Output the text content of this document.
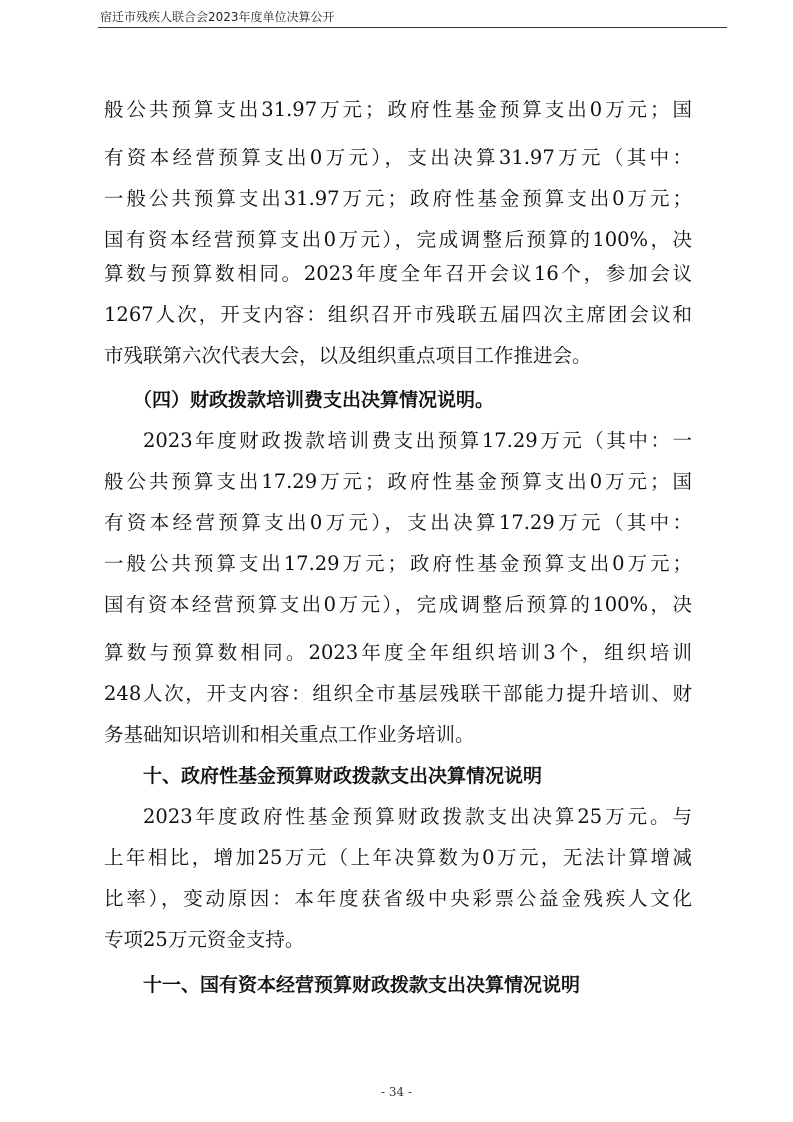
宿迁市残疾人联合会2023年度单位决算公开
般公共预算支出31.97万元；政府性基金预算支出0万元；国
有资本经营预算支出0万元），支出决算31.97万元（其中：
一般公共预算支出31.97万元；政府性基金预算支出0万元；
国有资本经营预算支出0万元），完成调整后预算的100%，决
算数与预算数相同。2023年度全年召开会议16个，参加会议
1267人次，开支内容：组织召开市残联五届四次主席团会议和
市残联第六次代表大会，以及组织重点项目工作推进会。
（四）财政拨款培训费支出决算情况说明。
2023年度财政拨款培训费支出预算17.29万元（其中：一
般公共预算支出17.29万元；政府性基金预算支出0万元；国
有资本经营预算支出0万元），支出决算17.29万元（其中：
一般公共预算支出17.29万元；政府性基金预算支出0万元；
国有资本经营预算支出0万元），完成调整后预算的100%，决
算数与预算数相同。2023年度全年组织培训3个，组织培训
248人次，开支内容：组织全市基层残联干部能力提升培训、财
务基础知识培训和相关重点工作业务培训。
十、政府性基金预算财政拨款支出决算情况说明
2023年度政府性基金预算财政拨款支出决算25万元。与
上年相比，增加25万元（上年决算数为0万元，无法计算增减
比率），变动原因：本年度获省级中央彩票公益金残疾人文化
专项25万元资金支持。
十一、国有资本经营预算财政拨款支出决算情况说明
- 34 -
